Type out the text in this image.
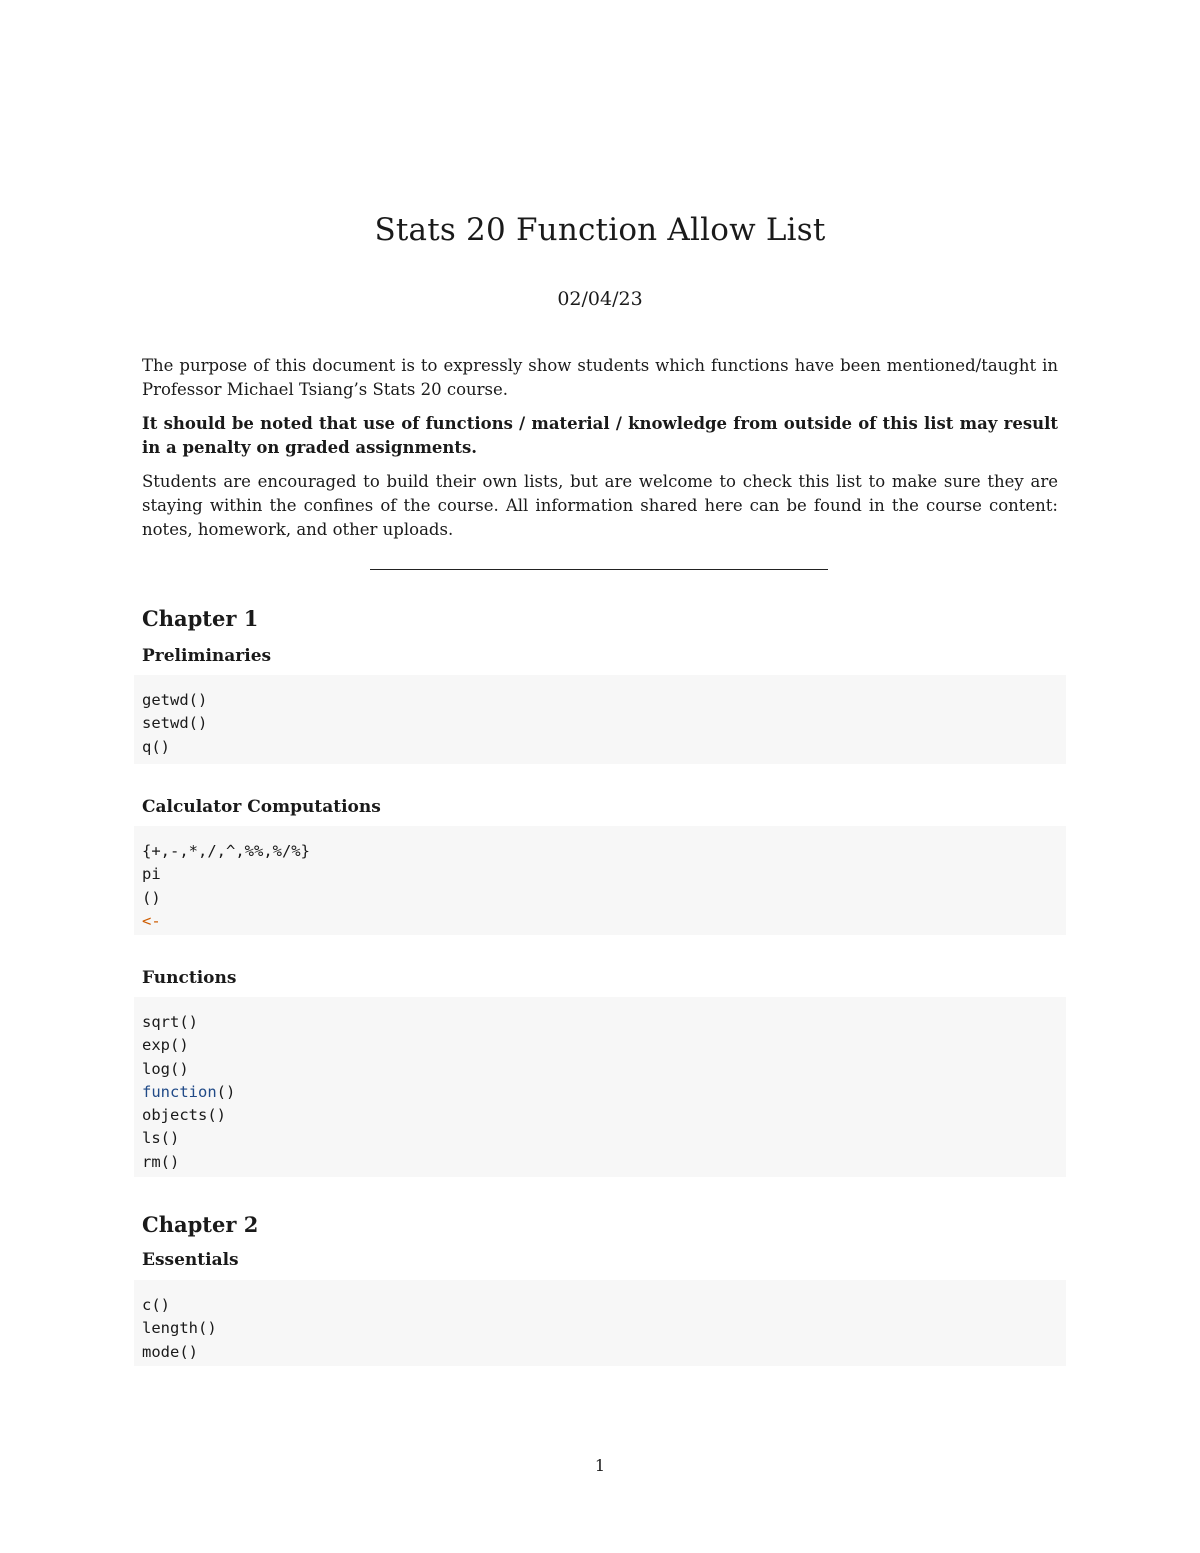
Stats 20 Function Allow List
02/04/23

The purpose of this document is to expressly show students which functions have been mentioned/taught in Professor Michael Tsiang’s Stats 20 course.

It should be noted that use of functions / material / knowledge from outside of this list may result in a penalty on graded assignments.

Students are encouraged to build their own lists, but are welcome to check this list to make sure they are staying within the confines of the course. All information shared here can be found in the course content: notes, homework, and other uploads.

Chapter 1
Preliminaries
getwd()
setwd()
q()
Calculator Computations
{+,-,*,/,^,%%,%/%}
pi
()
<-
Functions
sqrt()
exp()
log()
function()
objects()
ls()
rm()
Chapter 2
Essentials
c()
length()
mode()
1
